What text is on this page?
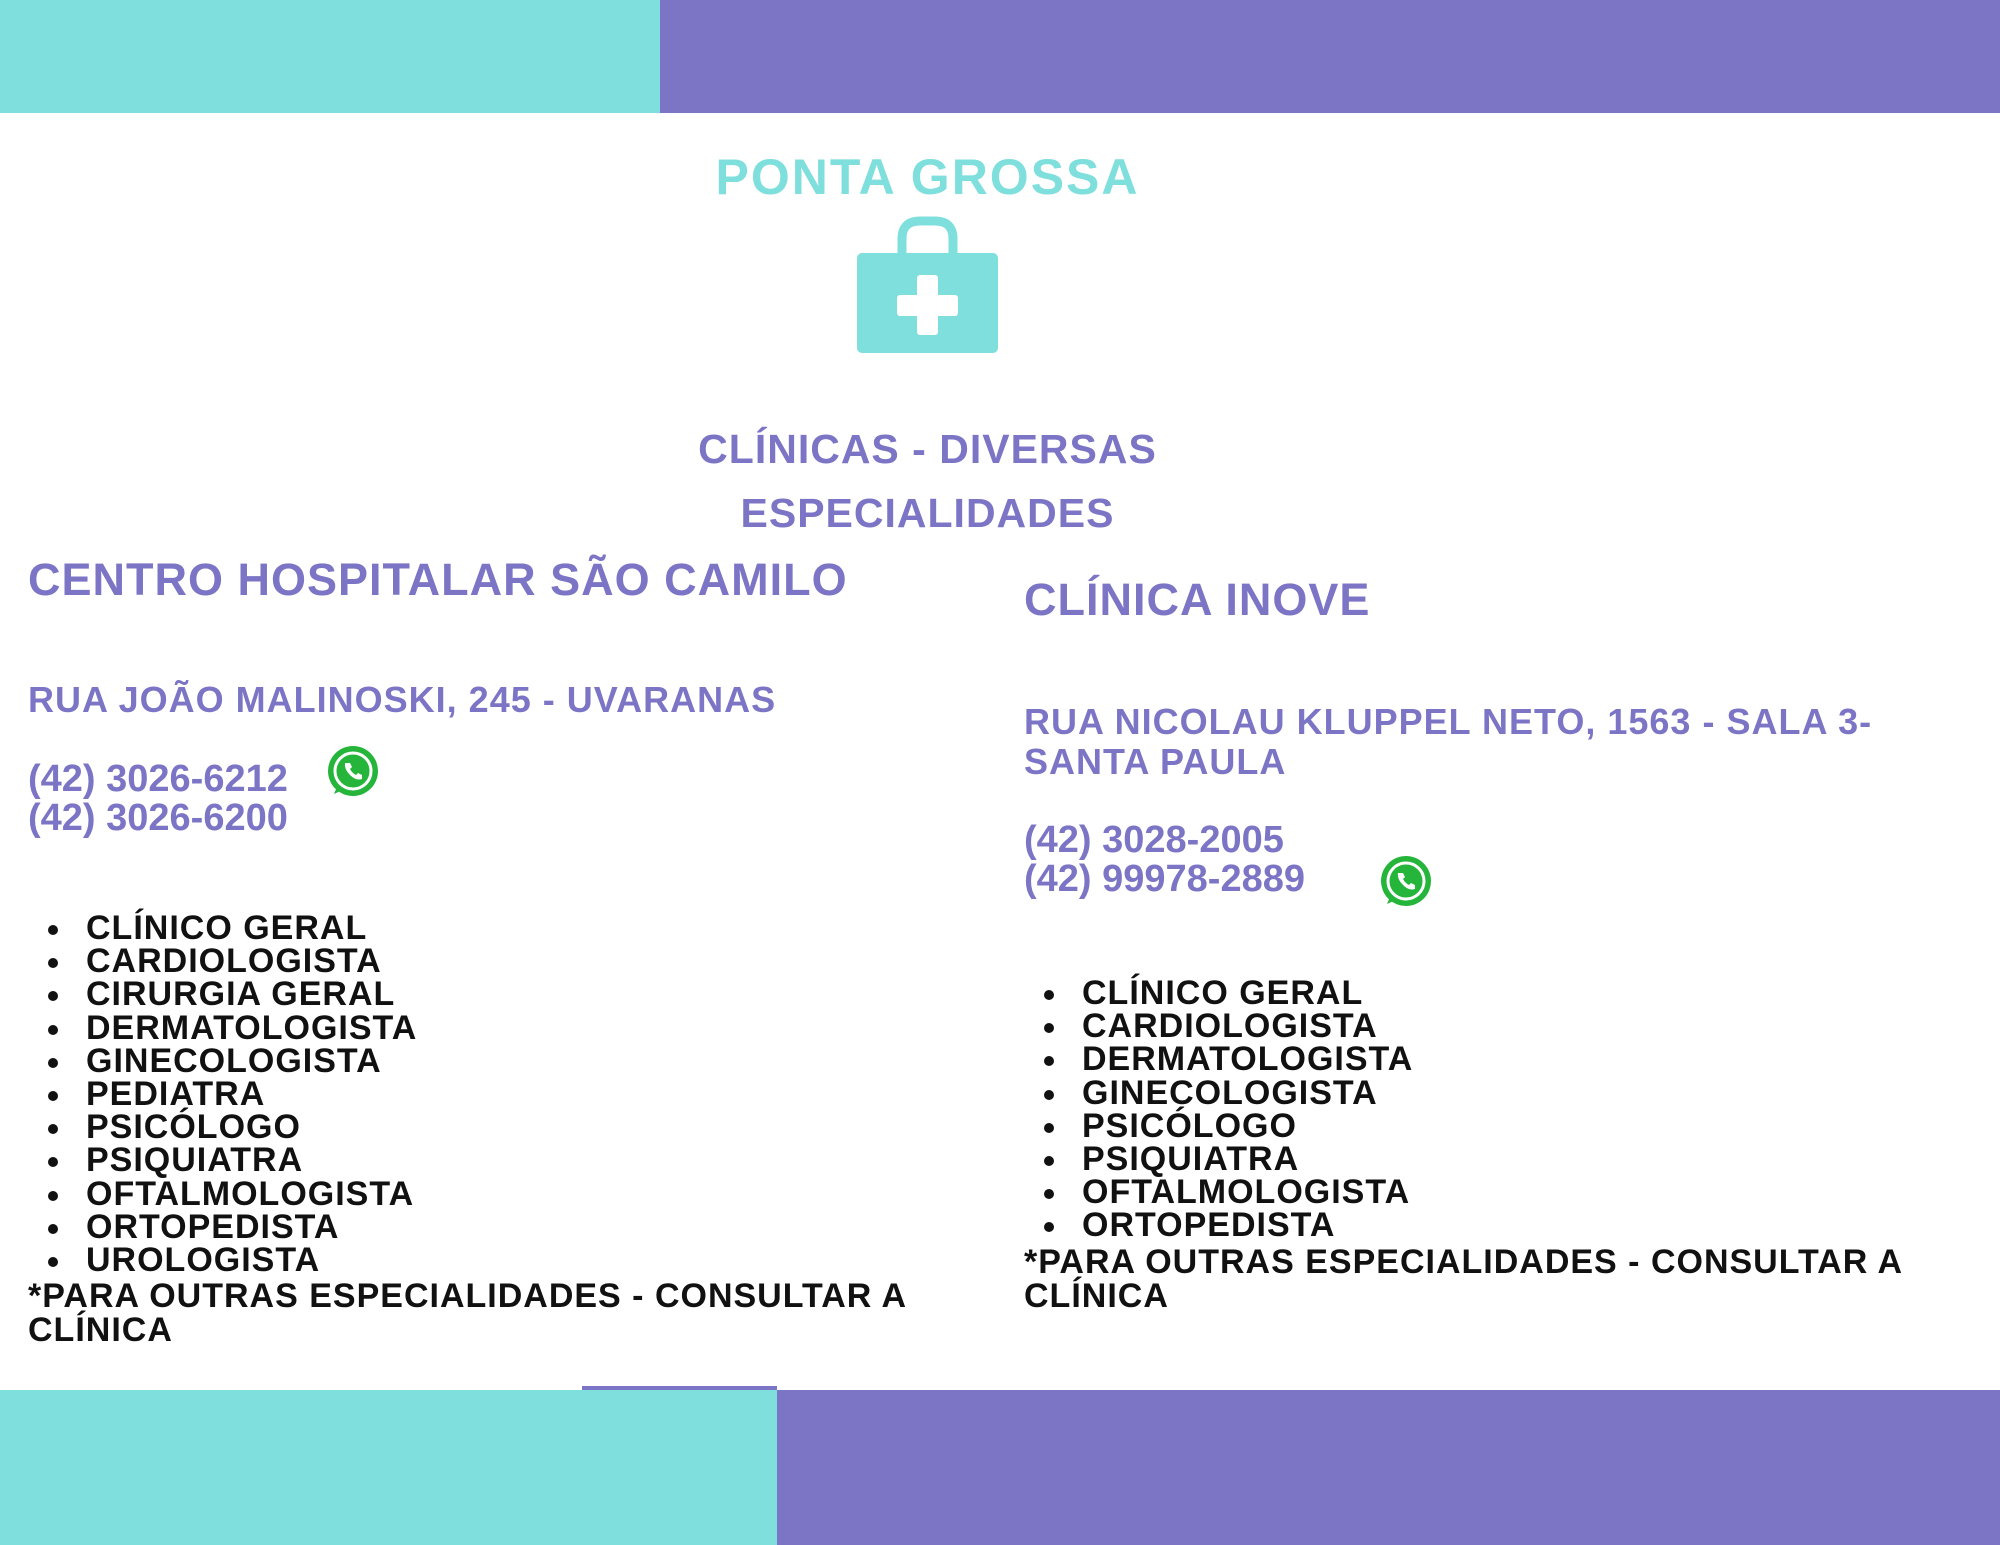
PONTA GROSSA
CLÍNICAS - DIVERSAS
ESPECIALIDADES
CENTRO HOSPITALAR SÃO CAMILO
RUA JOÃO MALINOSKI, 245 - UVARANAS
(42) 3026-6212
(42) 3026-6200
CLÍNICO GERAL
CARDIOLOGISTA
CIRURGIA GERAL
DERMATOLOGISTA
GINECOLOGISTA
PEDIATRA
PSICÓLOGO
PSIQUIATRA
OFTALMOLOGISTA
ORTOPEDISTA
UROLOGISTA
*PARA OUTRAS ESPECIALIDADES - CONSULTAR A CLÍNICA
CLÍNICA INOVE
RUA NICOLAU KLUPPEL NETO, 1563 - SALA 3- SANTA PAULA
(42) 3028-2005
(42) 99978-2889
CLÍNICO GERAL
CARDIOLOGISTA
DERMATOLOGISTA
GINECOLOGISTA
PSICÓLOGO
PSIQUIATRA
OFTALMOLOGISTA
ORTOPEDISTA
*PARA OUTRAS ESPECIALIDADES - CONSULTAR A CLÍNICA
